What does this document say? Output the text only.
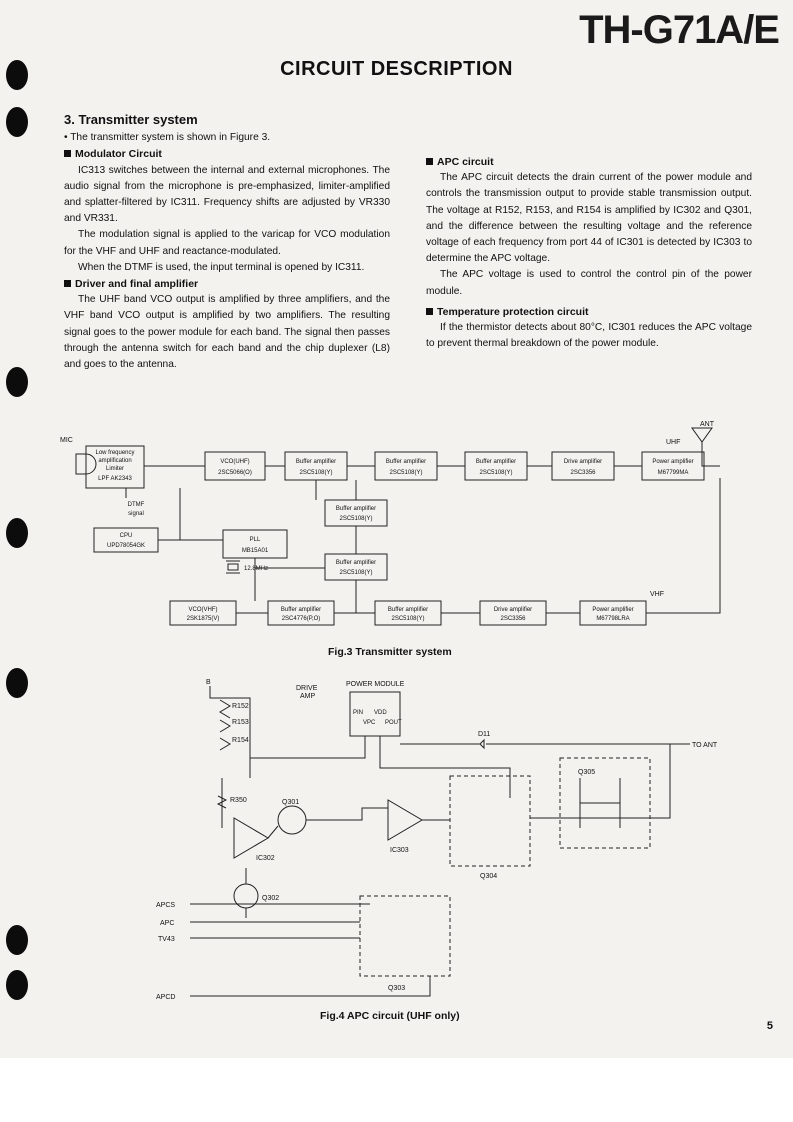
TH-G71A/E
CIRCUIT DESCRIPTION
3. Transmitter system

• The transmitter system is shown in Figure 3.

Modulator Circuit

IC313 switches between the internal and external microphones. The audio signal from the microphone is pre-emphasized, limiter-amplified and splatter-filtered by IC311. Frequency shifts are adjusted by VR330 and VR331.

The modulation signal is applied to the varicap for VCO modulation for the VHF and UHF and reactance-modulated.

When the DTMF is used, the input terminal is opened by IC311.

Driver and final amplifier

The UHF band VCO output is amplified by three amplifiers, and the VHF band VCO output is amplified by two amplifiers. The resulting signal goes to the power module for each band. The signal then passes through the antenna switch for each band and the chip duplexer (L8) and goes to the antenna.

APC circuit

The APC circuit detects the drain current of the power module and controls the transmission output to provide stable transmission output. The voltage at R152, R153, and R154 is amplified by IC302 and Q301, and the difference between the resulting voltage and the reference voltage of each frequency from port 44 of IC301 is detected by IC303 to determine the APC voltage.

The APC voltage is used to control the control pin of the power module.

Temperature protection circuit

If the thermistor detects about 80°C, IC301 reduces the APC voltage to prevent thermal breakdown of the power module.

MIC
ANT
UHF
VHF
Low frequency
amplification
Limiter
LPF AK2343
VCO(UHF)
2SC5066(O)
Buffer amplifier
2SC5108(Y)
Buffer amplifier
2SC5108(Y)
Buffer amplifier
2SC5108(Y)
Drive amplifier
2SC3356
Power amplifier
M67799MA
Buffer amplifier
2SC5108(Y)
DTMF
signal
CPU
UPD78054GK
PLL
MB15A01
12.8MHz
Buffer amplifier
2SC5108(Y)
VCO(VHF)
2SK1875(V)
Buffer amplifier
2SC4776(P,O)
Buffer amplifier
2SC5108(Y)
Drive amplifier
2SC3356
Power amplifier
M67798LRA
Fig.3 Transmitter system
B
R152
R153
R154
DRIVE
AMP
POWER MODULE
PIN
VPC
VDD
POUT
D11
TO ANT
R350	Q301
IC302
IC303
Q305
Q304
Q302
Q303
APCS
APC
TV43
APCD
Fig.4 APC circuit (UHF only)
5
